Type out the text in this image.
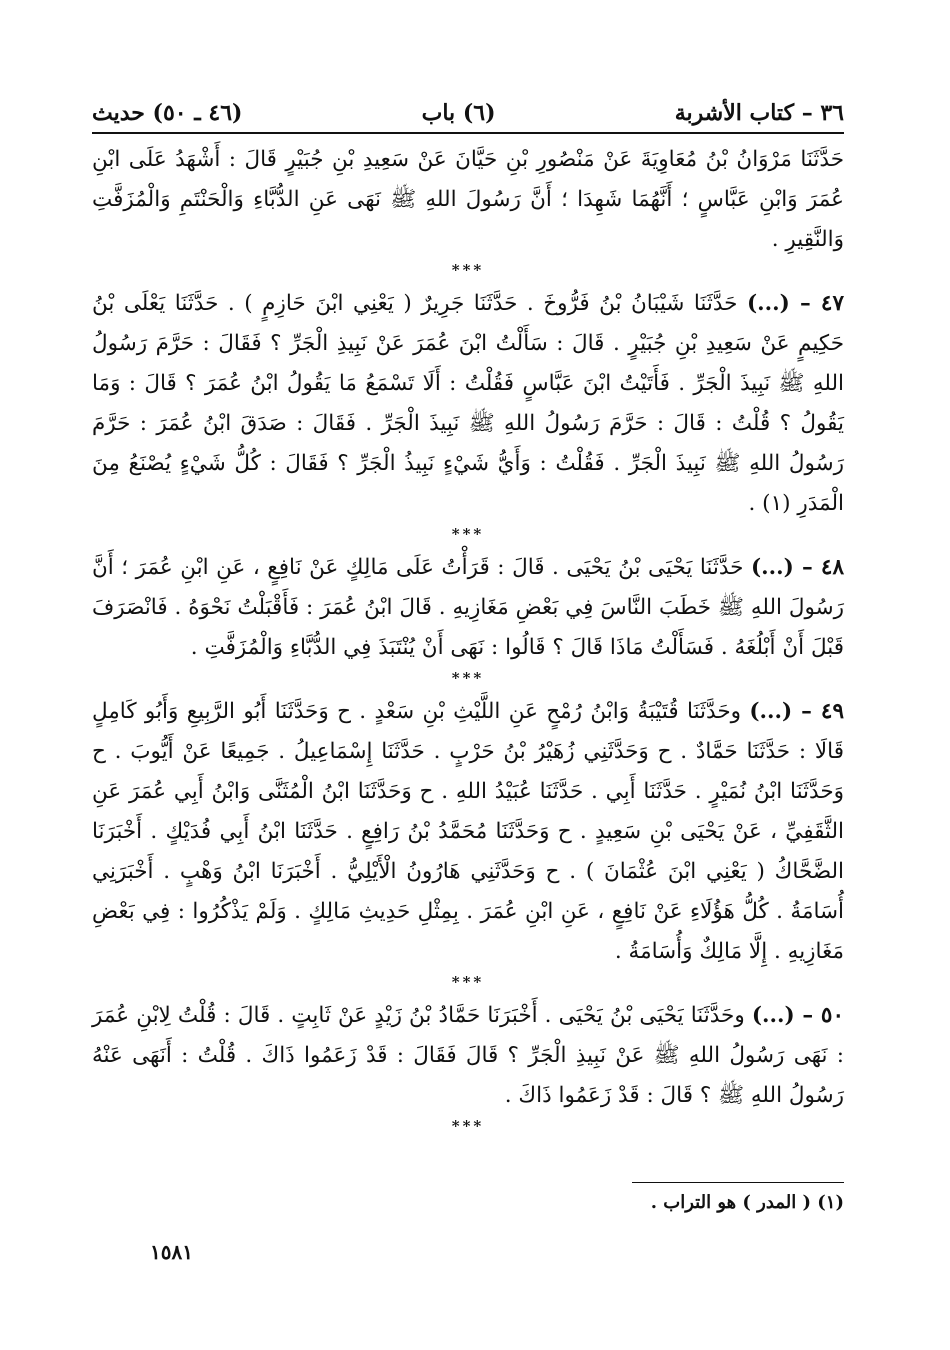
٣٦ – كتاب الأشربة
(٦) باب
(٤٦ ـ ٥٠) حديث

حَدَّثَنَا مَرْوَانُ بْنُ مُعَاوِيَةَ عَنْ مَنْصُورِ بْنِ حَيَّانَ عَنْ سَعِيدِ بْنِ جُبَيْرٍ قَالَ : أَشْهَدُ عَلَى ابْنِ عُمَرَ وَابْنِ عَبَّاسٍ ؛ أَنَّهُمَا شَهِدَا ؛ أَنَّ رَسُولَ اللهِ ﷺ نَهَى عَنِ الدُّبَّاءِ وَالْحَنْتَمِ وَالْمُزَفَّتِ وَالنَّقِيرِ .

***

٤٧ – (...) حَدَّثَنَا شَيْبَانُ بْنُ فَرُّوخَ . حَدَّثَنَا جَرِيرٌ ( يَعْنِي ابْنَ حَازِمٍ ) . حَدَّثَنَا يَعْلَى بْنُ حَكِيمٍ عَنْ سَعِيدِ بْنِ جُبَيْرٍ . قَالَ : سَأَلْتُ ابْنَ عُمَرَ عَنْ نَبِيذِ الْجَرِّ ؟ فَقَالَ : حَرَّمَ رَسُولُ اللهِ ﷺ نَبِيذَ الْجَرِّ . فَأَتَيْتُ ابْنَ عَبَّاسٍ فَقُلْتُ : أَلَا تَسْمَعُ مَا يَقُولُ ابْنُ عُمَرَ ؟ قَالَ : وَمَا يَقُولُ ؟ قُلْتُ : قَالَ : حَرَّمَ رَسُولُ اللهِ ﷺ نَبِيذَ الْجَرِّ . فَقَالَ : صَدَقَ ابْنُ عُمَرَ : حَرَّمَ رَسُولُ اللهِ ﷺ نَبِيذَ الْجَرِّ . فَقُلْتُ : وَأَيُّ شَيْءٍ نَبِيذُ الْجَرِّ ؟ فَقَالَ : كُلُّ شَيْءٍ يُصْنَعُ مِنَ الْمَدَرِ (١) .

***

٤٨ – (...) حَدَّثَنَا يَحْيَى بْنُ يَحْيَى . قَالَ : قَرَأْتُ عَلَى مَالِكٍ عَنْ نَافِعٍ ، عَنِ ابْنِ عُمَرَ ؛ أَنَّ رَسُولَ اللهِ ﷺ خَطَبَ النَّاسَ فِي بَعْضِ مَغَازِيهِ . قَالَ ابْنُ عُمَرَ : فَأَقْبَلْتُ نَحْوَهُ . فَانْصَرَفَ قَبْلَ أَنْ أَبْلُغَهُ . فَسَأَلْتُ مَاذَا قَالَ ؟ قَالُوا : نَهَى أَنْ يُنْتَبَذَ فِي الدُّبَّاءِ وَالْمُزَفَّتِ .

***

٤٩ – (...) وحَدَّثَنَا قُتَيْبَةُ وَابْنُ رُمْحٍ عَنِ اللَّيْثِ بْنِ سَعْدٍ . ح وَحَدَّثَنَا أَبُو الرَّبِيعِ وَأَبُو كَامِلٍ قَالَا : حَدَّثَنَا حَمَّادٌ . ح وَحَدَّثَنِي زُهَيْرُ بْنُ حَرْبٍ . حَدَّثَنَا إِسْمَاعِيلُ . جَمِيعًا عَنْ أَيُّوبَ . ح وَحَدَّثَنَا ابْنُ نُمَيْرٍ . حَدَّثَنَا أَبِي . حَدَّثَنَا عُبَيْدُ اللهِ . ح وَحَدَّثَنَا ابْنُ الْمُثَنَّى وَابْنُ أَبِي عُمَرَ عَنِ الثَّقَفِيِّ ، عَنْ يَحْيَى بْنِ سَعِيدٍ . ح وَحَدَّثَنَا مُحَمَّدُ بْنُ رَافِعٍ . حَدَّثَنَا ابْنُ أَبِي فُدَيْكٍ . أَخْبَرَنَا الضَّحَّاكُ ( يَعْنِي ابْنَ عُثْمَانَ ) . ح وَحَدَّثَنِي هَارُونُ الْأَيْلِيُّ . أَخْبَرَنَا ابْنُ وَهْبٍ . أَخْبَرَنِي أُسَامَةُ . كُلُّ هَؤُلَاءِ عَنْ نَافِعٍ ، عَنِ ابْنِ عُمَرَ . بِمِثْلِ حَدِيثِ مَالِكٍ . وَلَمْ يَذْكُرُوا : فِي بَعْضِ مَغَازِيهِ . إِلَّا مَالِكٌ وَأُسَامَةُ .

***

٥٠ – (...) وحَدَّثَنَا يَحْيَى بْنُ يَحْيَى . أَخْبَرَنَا حَمَّادُ بْنُ زَيْدٍ عَنْ ثَابِتٍ . قَالَ : قُلْتُ لِابْنِ عُمَرَ : نَهَى رَسُولُ اللهِ ﷺ عَنْ نَبِيذِ الْجَرِّ ؟ قَالَ فَقَالَ : قَدْ زَعَمُوا ذَاكَ . قُلْتُ : أَنَهَى عَنْهُ رَسُولُ اللهِ ﷺ ؟ قَالَ : قَدْ زَعَمُوا ذَاكَ .

***
(١) ( المدر ) هو التراب .
١٥٨١
